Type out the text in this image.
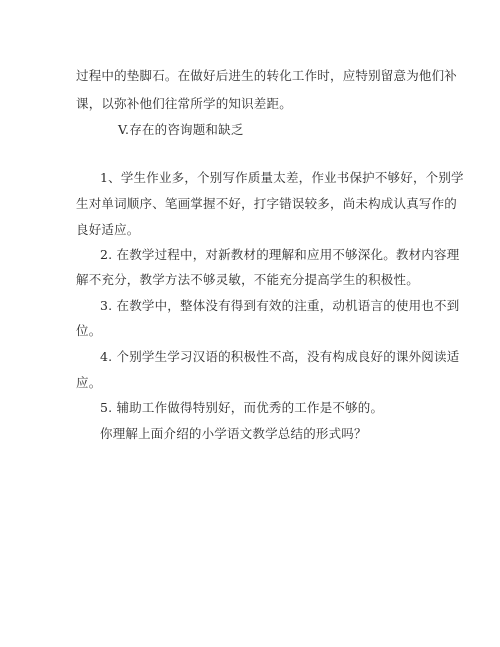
过程中的垫脚石。在做好后进生的转化工作时，应特别留意为他们补
课，以弥补他们往常所学的知识差距。
V.存在的咨询题和缺乏
1、学生作业多，个别写作质量太差，作业书保护不够好，个别学
生对单词顺序、笔画掌握不好，打字错误较多，尚未构成认真写作的
良好适应。
2. 在教学过程中，对新教材的理解和应用不够深化。教材内容理
解不充分，教学方法不够灵敏，不能充分提高学生的积极性。
3. 在教学中，整体没有得到有效的注重，动机语言的使用也不到
位。
4. 个别学生学习汉语的积极性不高，没有构成良好的课外阅读适
应。
5. 辅助工作做得特别好，而优秀的工作是不够的。
你理解上面介绍的小学语文教学总结的形式吗？
